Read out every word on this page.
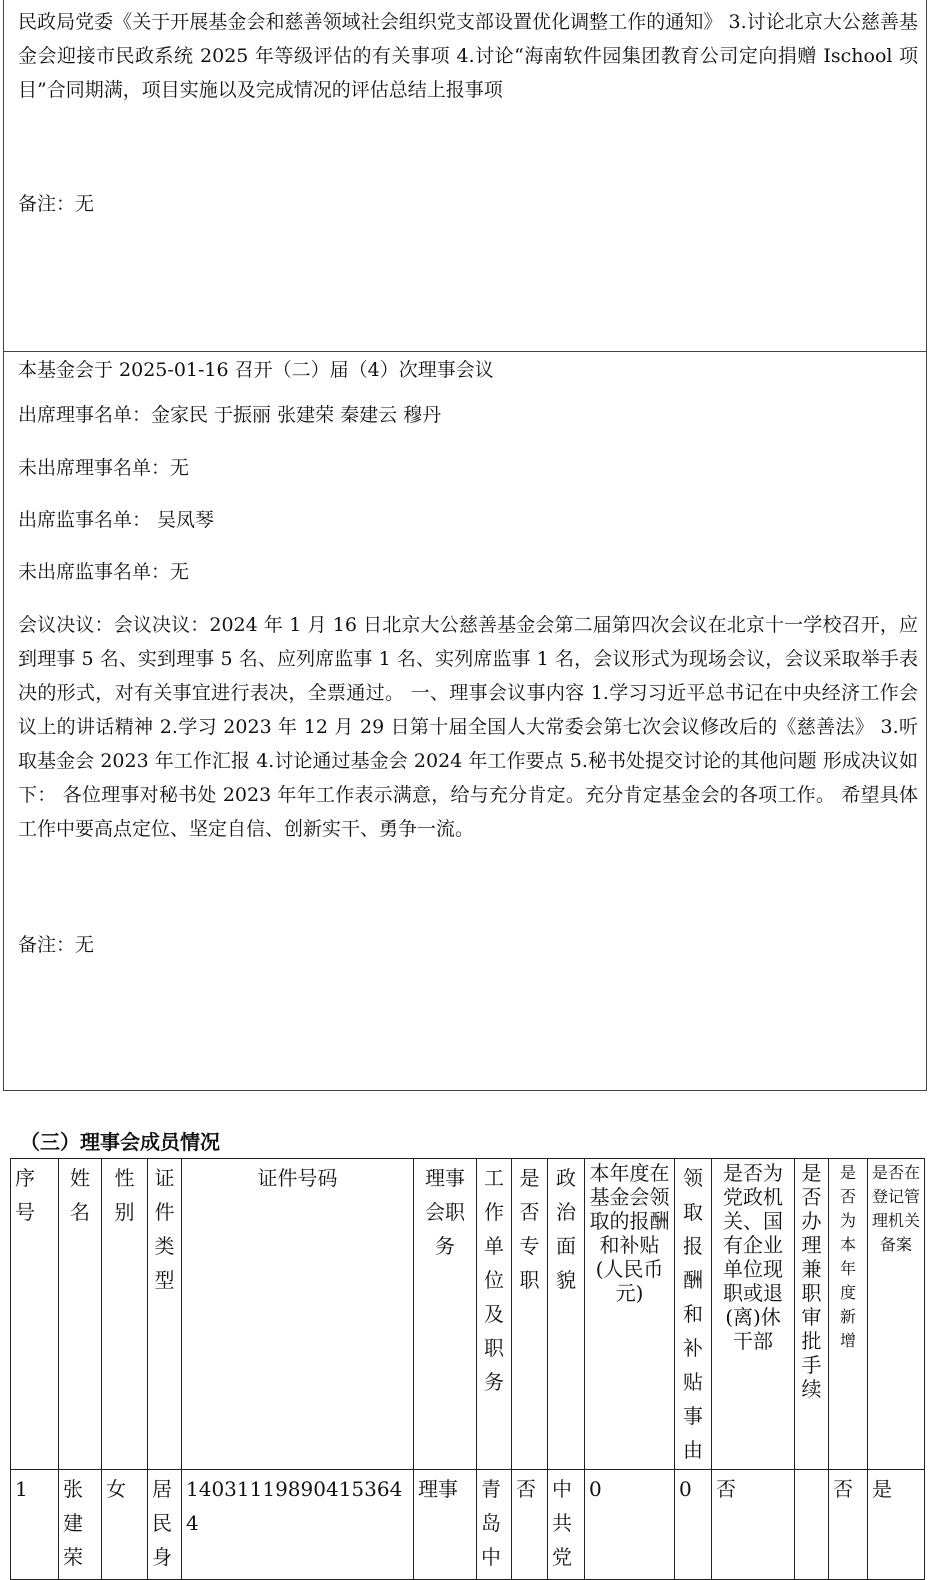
民政局党委《关于开展基金会和慈善领域社会组织党支部设置优化调整工作的通知》 3.讨论北京大公慈善基金会迎接市民政系统 2025 年等级评估的有关事项 4.讨论“海南软件园集团教育公司定向捐赠 Ischool 项目”合同期满，项目实施以及完成情况的评估总结上报事项

备注：无

本基金会于 2025-01-16 召开（二）届（4）次理事会议

出席理事名单：金家民 于振丽 张建荣 秦建云 穆丹

未出席理事名单：无

出席监事名单： 吴凤琴

未出席监事名单：无

会议决议：会议决议：2024 年 1 月 16 日北京大公慈善基金会第二届第四次会议在北京十一学校召开，应到理事 5 名、实到理事 5 名、应列席监事 1 名、实列席监事 1 名，会议形式为现场会议，会议采取举手表决的形式，对有关事宜进行表决，全票通过。 一、理事会议事内容 1.学习习近平总书记在中央经济工作会议上的讲话精神 2.学习 2023 年 12 月 29 日第十届全国人大常委会第七次会议修改后的《慈善法》 3.听取基金会 2023 年工作汇报 4.讨论通过基金会 2024 年工作要点 5.秘书处提交讨论的其他问题 形成决议如下： 各位理事对秘书处 2023 年年工作表示满意，给与充分肯定。充分肯定基金会的各项工作。 希望具体工作中要高点定位、坚定自信、创新实干、勇争一流。

备注：无

（三）理事会成员情况
序号	姓名	性别	证件类型	证件号码	理事会职务	工作单位及职务	是否专职	政治面貌	本年度在基金会领取的报酬和补贴(人民币元)	领取报酬和补贴事由	是否为党政机关、国有企业单位现职或退(离)休干部	是否办理兼职审批手续	是否为本年度新增	是否在登记管理机关备案
1	张建荣	女	居民身	140311198904153644	理事	青岛中	否	中共党	0	0	否		否	是
